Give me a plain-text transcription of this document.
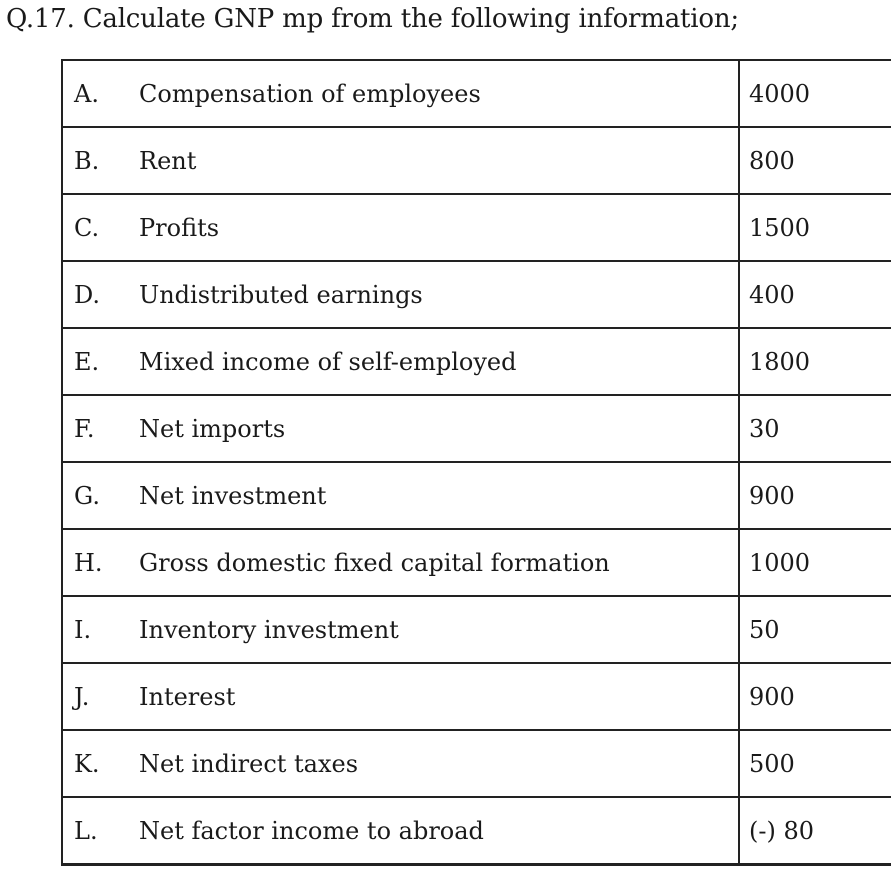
Q.17. Calculate GNP mp from the following information;
A. Compensation of employees	4000
B. Rent	800
C. Profits	1500
D. Undistributed earnings	400
E. Mixed income of self-employed	1800
F. Net imports	30
G. Net investment	900
H. Gross domestic fixed capital formation	1000
I. Inventory investment	50
J. Interest	900
K. Net indirect taxes	500
L. Net factor income to abroad	(-) 80
